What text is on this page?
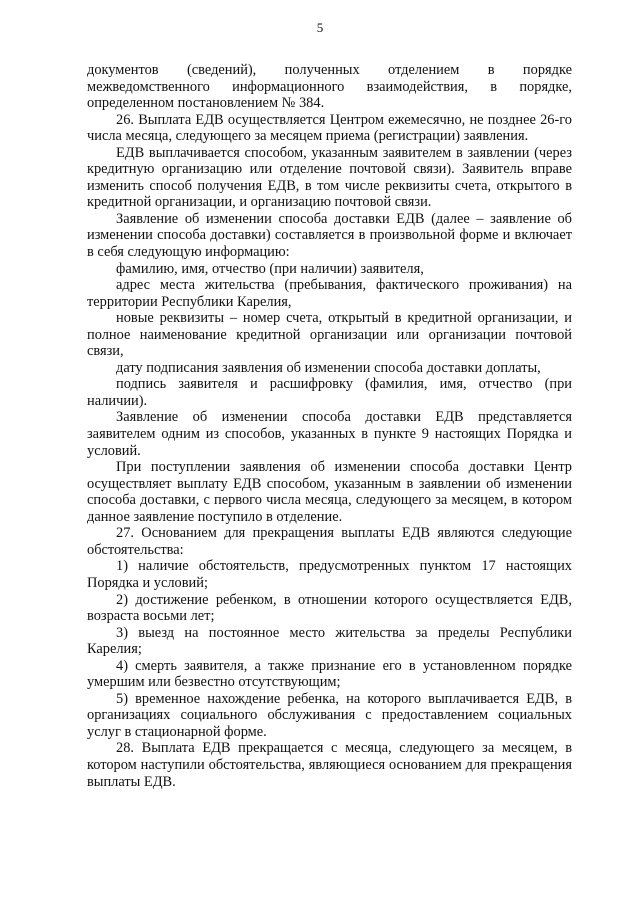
5

документов (сведений), полученных отделением в порядке межведомственного информационного взаимодействия, в порядке, определенном постановлением № 384.

26. Выплата ЕДВ осуществляется Центром ежемесячно, не позднее 26-го числа месяца, следующего за месяцем приема (регистрации) заявления.

ЕДВ выплачивается способом, указанным заявителем в заявлении (через кредитную организацию или отделение почтовой связи). Заявитель вправе изменить способ получения ЕДВ, в том числе реквизиты счета, открытого в кредитной организации, и организацию почтовой связи.

Заявление об изменении способа доставки ЕДВ (далее – заявление об изменении способа доставки) составляется в произвольной форме и включает в себя следующую информацию:

фамилию, имя, отчество (при наличии) заявителя,

адрес места жительства (пребывания, фактического проживания) на территории Республики Карелия,

новые реквизиты – номер счета, открытый в кредитной организации, и полное наименование кредитной организации или организации почтовой связи,

дату подписания заявления об изменении способа доставки доплаты,

подпись заявителя и расшифровку (фамилия, имя, отчество (при наличии).

Заявление об изменении способа доставки ЕДВ представляется заявителем одним из способов, указанных в пункте 9 настоящих Порядка и условий.

При поступлении заявления об изменении способа доставки Центр осуществляет выплату ЕДВ способом, указанным в заявлении об изменении способа доставки, с первого числа месяца, следующего за месяцем, в котором данное заявление поступило в отделение.

27. Основанием для прекращения выплаты ЕДВ являются следующие обстоятельства:

1) наличие обстоятельств, предусмотренных пунктом 17 настоящих Порядка и условий;

2) достижение ребенком, в отношении которого осуществляется ЕДВ, возраста восьми лет;

3) выезд на постоянное место жительства за пределы Республики Карелия;

4) смерть заявителя, а также признание его в установленном порядке умершим или безвестно отсутствующим;

5) временное нахождение ребенка, на которого выплачивается ЕДВ, в организациях социального обслуживания с предоставлением социальных услуг в стационарной форме.

28. Выплата ЕДВ прекращается с месяца, следующего за месяцем, в котором наступили обстоятельства, являющиеся основанием для прекращения выплаты ЕДВ.
